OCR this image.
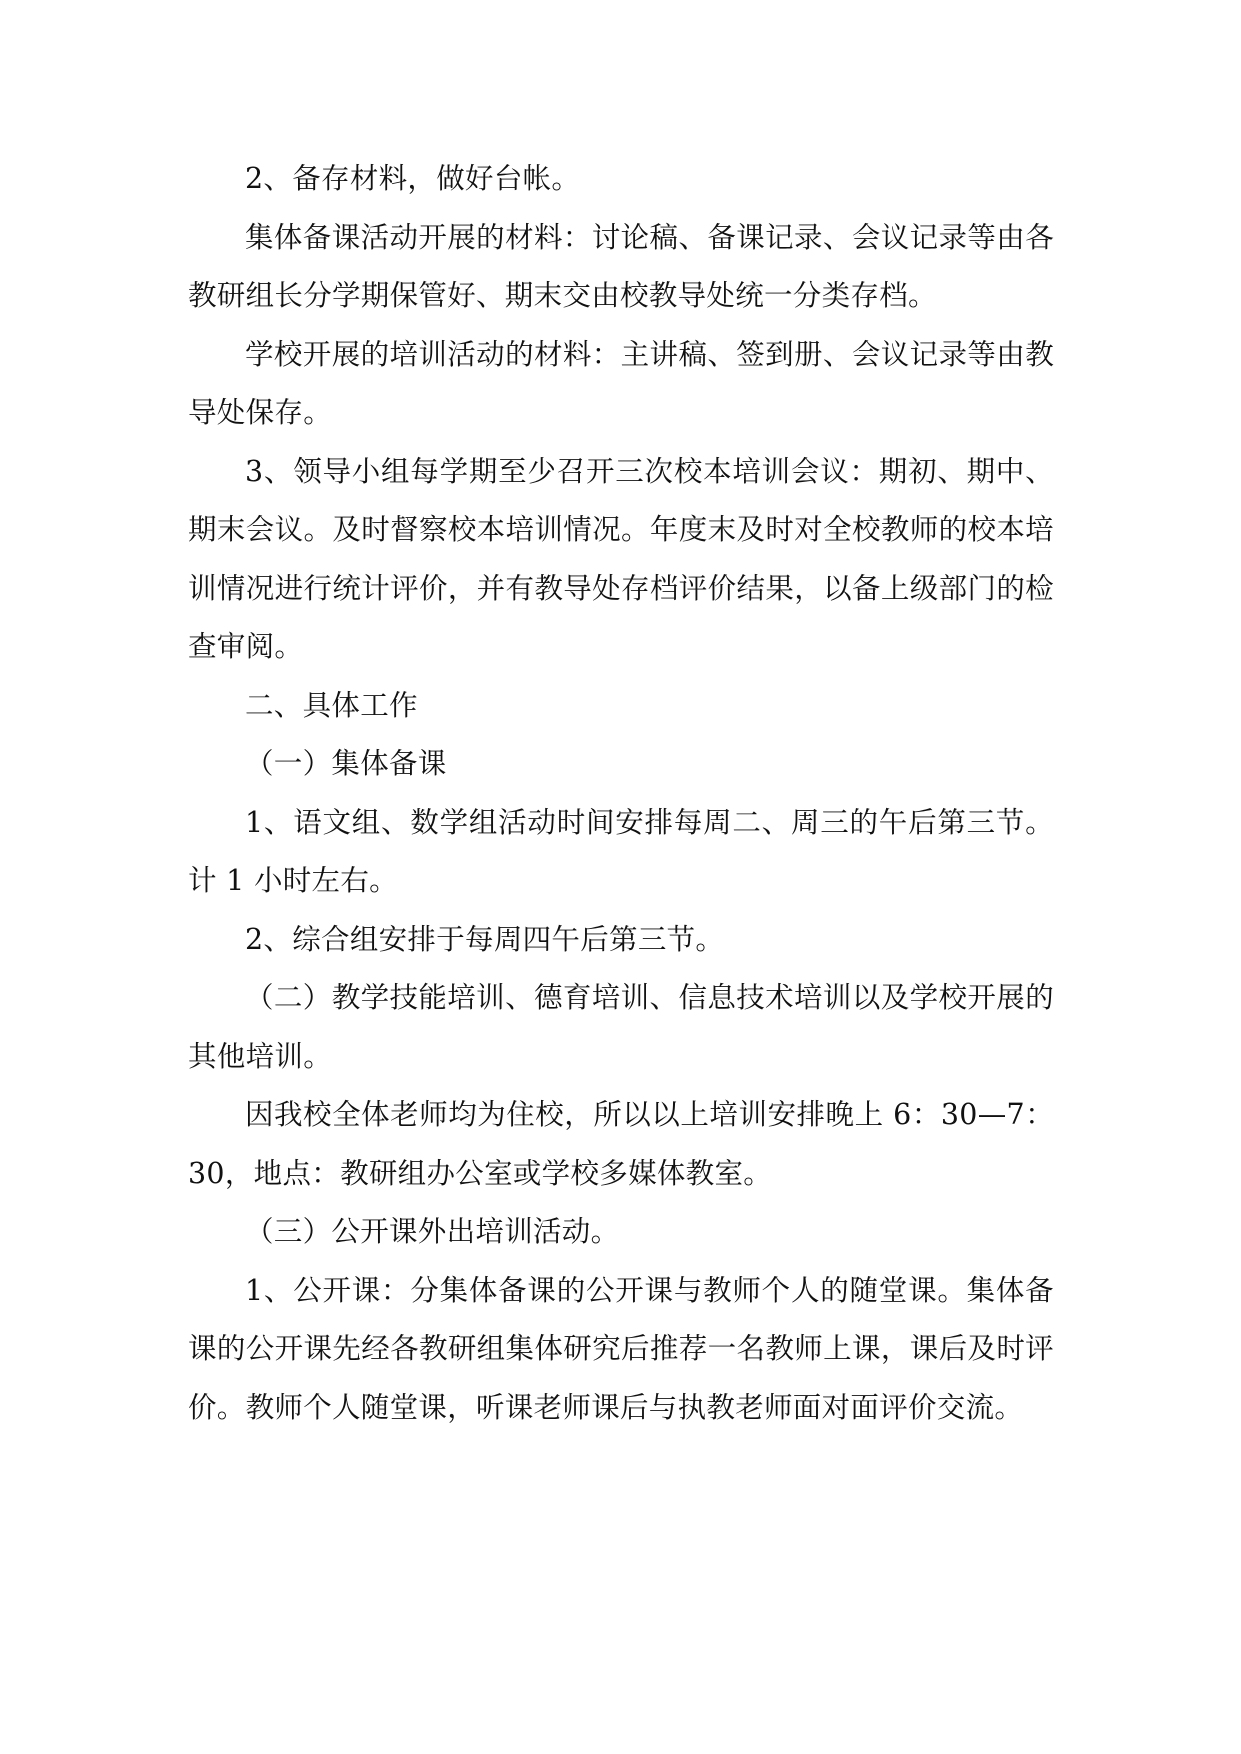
2、备存材料，做好台帐。

集体备课活动开展的材料：讨论稿、备课记录、会议记录等由各教研组长分学期保管好、期末交由校教导处统一分类存档。

学校开展的培训活动的材料：主讲稿、签到册、会议记录等由教导处保存。

3、领导小组每学期至少召开三次校本培训会议：期初、期中、期末会议。及时督察校本培训情况。年度末及时对全校教师的校本培训情况进行统计评价，并有教导处存档评价结果，以备上级部门的检查审阅。

二、具体工作

（一）集体备课

1、语文组、数学组活动时间安排每周二、周三的午后第三节。计 1 小时左右。

2、综合组安排于每周四午后第三节。

（二）教学技能培训、德育培训、信息技术培训以及学校开展的其他培训。

因我校全体老师均为住校，所以以上培训安排晚上 6：30—7：30，地点：教研组办公室或学校多媒体教室。

（三）公开课外出培训活动。

1、公开课：分集体备课的公开课与教师个人的随堂课。集体备课的公开课先经各教研组集体研究后推荐一名教师上课，课后及时评价。教师个人随堂课，听课老师课后与执教老师面对面评价交流。
